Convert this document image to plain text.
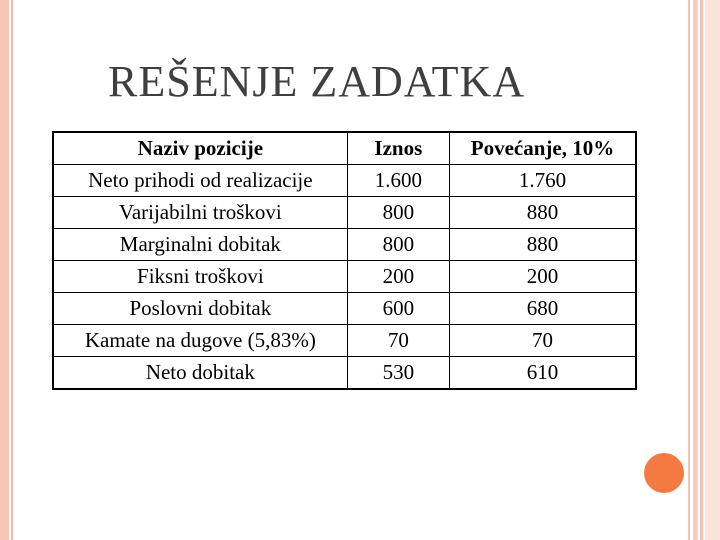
REŠENJE ZADATKA
Naziv pozicije	Iznos	Povećanje, 10%
Neto prihodi od realizacije	1.600	1.760
Varijabilni troškovi	800	880
Marginalni dobitak	800	880
Fiksni troškovi	200	200
Poslovni dobitak	600	680
Kamate na dugove (5,83%)	70	70
Neto dobitak	530	610
